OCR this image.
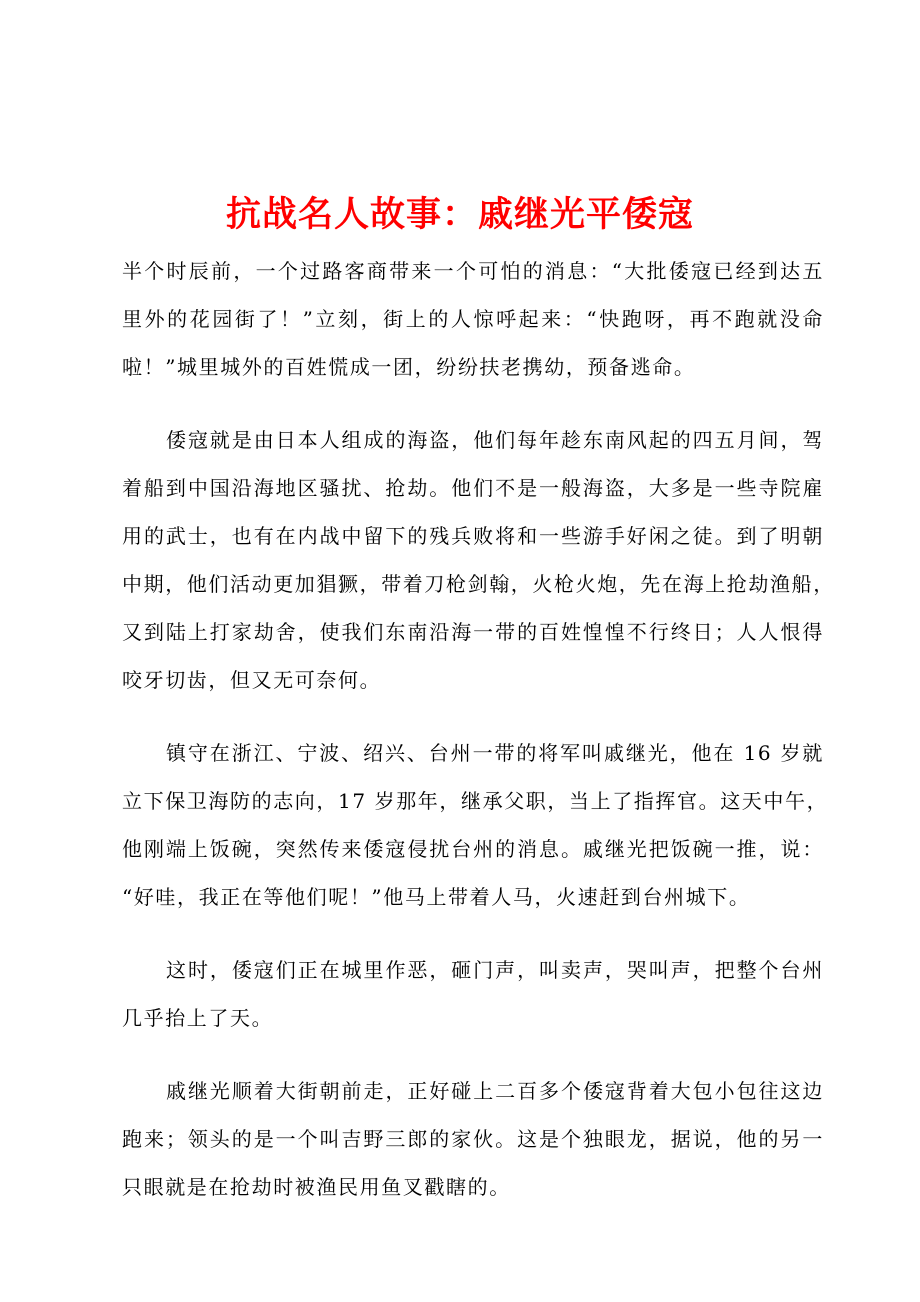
抗战名人故事：戚继光平倭寇
半个时辰前，一个过路客商带来一个可怕的消息：“大批倭寇已经到达五
里外的花园街了！”立刻，街上的人惊呼起来：“快跑呀，再不跑就没命
啦！”城里城外的百姓慌成一团，纷纷扶老携幼，预备逃命。
倭寇就是由日本人组成的海盗，他们每年趁东南风起的四五月间，驾
着船到中国沿海地区骚扰、抢劫。他们不是一般海盗，大多是一些寺院雇
用的武士，也有在内战中留下的残兵败将和一些游手好闲之徒。到了明朝
中期，他们活动更加猖獗，带着刀枪剑翰，火枪火炮，先在海上抢劫渔船，
又到陆上打家劫舍，使我们东南沿海一带的百姓惶惶不行终日；人人恨得
咬牙切齿，但又无可奈何。
镇守在浙江、宁波、绍兴、台州一带的将军叫戚继光，他在 16 岁就
立下保卫海防的志向，17 岁那年，继承父职，当上了指挥官。这天中午，
他刚端上饭碗，突然传来倭寇侵扰台州的消息。戚继光把饭碗一推，说：
“好哇，我正在等他们呢！”他马上带着人马，火速赶到台州城下。
这时，倭寇们正在城里作恶，砸门声，叫卖声，哭叫声，把整个台州
几乎抬上了天。
戚继光顺着大街朝前走，正好碰上二百多个倭寇背着大包小包往这边
跑来；领头的是一个叫吉野三郎的家伙。这是个独眼龙，据说，他的另一
只眼就是在抢劫时被渔民用鱼叉戳瞎的。
